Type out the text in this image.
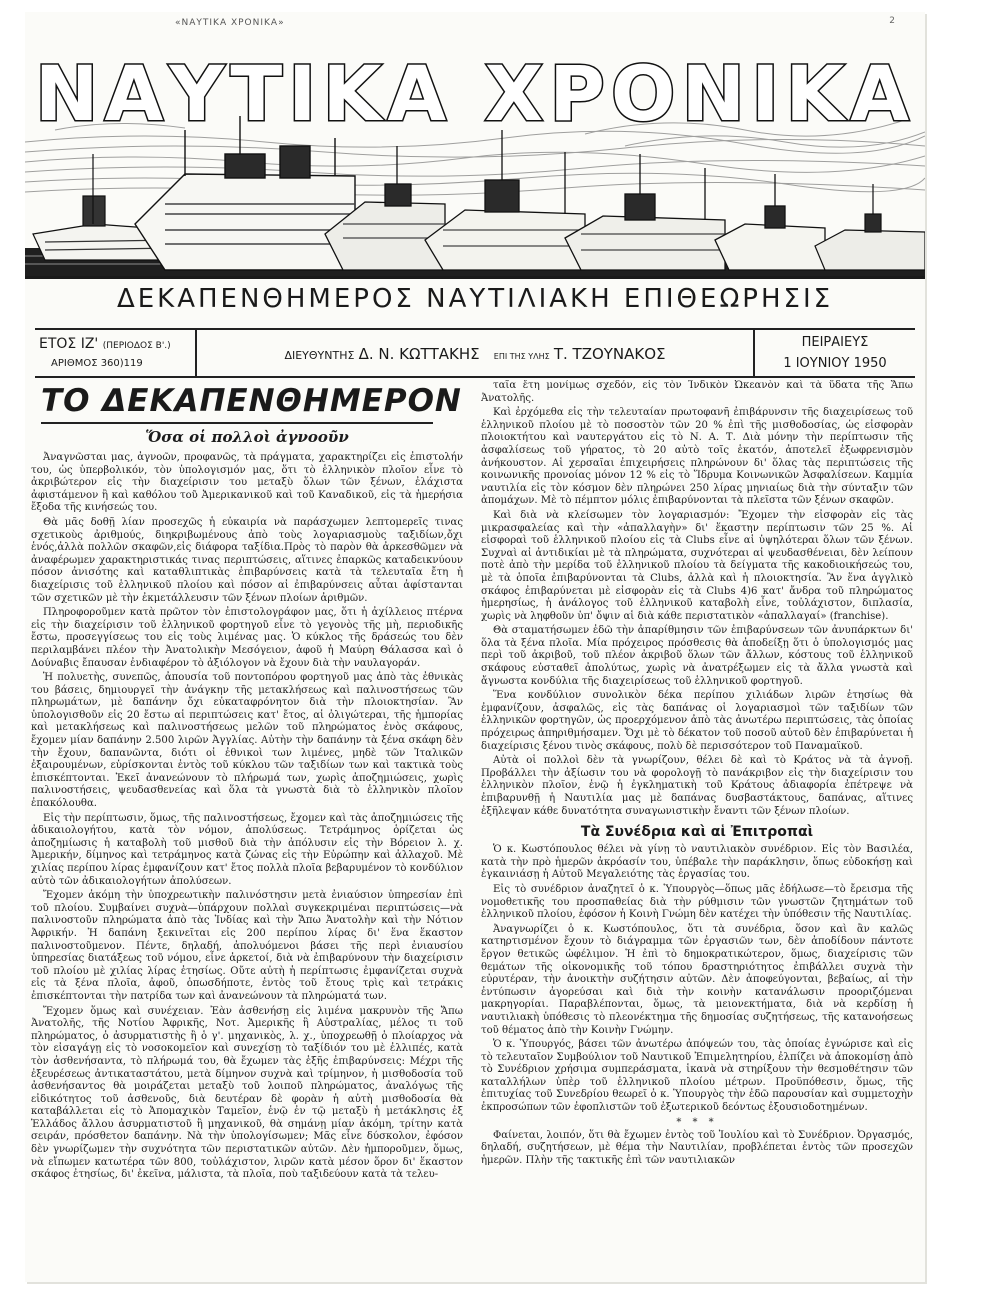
«ΝΑΥΤΙΚΑ ΧΡΟΝΙΚΑ»	2
ΝΑΥΤΙΚΑ ΧΡΟΝΙΚΑ
ΔΕΚΑΠΕΝΘΗΜΕΡΟΣ ΝΑΥΤΙΛΙΑΚΗ ΕΠΙΘΕΩΡΗΣΙΣ
ΕΤΟΣ ΙΖ' (ΠΕΡΙΟΔΟΣ Β'.)
ΑΡΙΘΜΟΣ 360)119
ΔΙΕΥΘΥΝΤΗΣ Δ. Ν. ΚΩΤΤΑΚΗΣ ΕΠΙ ΤΗΣ ΥΛΗΣ Τ. ΤΖΟΥΝΑΚΟΣ
ΠΕΙΡΑΙΕΥΣ
1 ΙΟΥΝΙΟΥ 1950
ΤΟ ΔΕΚΑΠΕΝΘΗΜΕΡΟΝ
Ὅσα οἱ πολλοὶ ἀγνοοῦν

Ἀναγνῶσται μας, ἀγνοῶν, προφανῶς, τὰ πράγματα, χαρακτηρίζει εἰς ἐπιστολήν του, ὡς ὑπερβολικόν, τὸν ὑπολογισμόν μας, ὅτι τὸ ἑλληνικὸν πλοῖον εἶνε τὸ ἀκριβώτερον εἰς τὴν διαχείρισιν του μεταξὺ ὅλων τῶν ξένων, ἐλάχιστα ἀφιστάμενον ἢ καὶ καθόλου τοῦ Ἀμερικανικοῦ καὶ τοῦ Καναδικοῦ, εἰς τὰ ἡμερήσια ἔξοδα τῆς κινήσεώς του.

Θὰ μᾶς δοθῇ λίαν προσεχῶς ἡ εὐκαιρία νὰ παράσχωμεν λεπτομερεῖς τινας σχετικοὺς ἀριθμούς, διηκριβωμένους ἀπὸ τοὺς λογαριασμοὺς ταξιδίων,ὄχι ἑνός,ἀλλὰ πολλῶν σκαφῶν,εἰς διάφορα ταξίδια.Πρὸς τὸ παρὸν θὰ ἀρκεσθῶμεν νὰ ἀναφέρωμεν χαρακτηριστικάς τινας περιπτώσεις, αἵτινες ἐπαρκῶς καταδεικνύουν πόσον ἀνισότης καὶ καταθλιπτικὰς ἐπιβαρύνσεις κατὰ τὰ τελευταῖα ἔτη ἡ διαχείρισις τοῦ ἑλληνικοῦ πλοίου καὶ πόσον αἱ ἐπιβαρύνσεις αὗται ἀφίστανται τῶν σχετικῶν μὲ τὴν ἐκμετάλλευσιν τῶν ξένων πλοίων ἀριθμῶν.

Πληροφοροῦμεν κατὰ πρῶτον τὸν ἐπιστολογράφον μας, ὅτι ἡ ἀχίλλειος πτέρνα εἰς τὴν διαχείρισιν τοῦ ἑλληνικοῦ φορτηγοῦ εἶνε τὸ γεγονὸς τῆς μὴ, περιοδικῆς ἔστω, προσεγγίσεως του εἰς τοὺς λιμένας μας. Ὁ κύκλος τῆς δράσεώς του δὲν περιλαμβάνει πλέον τὴν Ἀνατολικὴν Μεσόγειον, ἀφοῦ ἡ Μαύρη Θάλασσα καὶ ὁ Δούναβις ἔπαυσαν ἐνδιαφέρον τὸ ἀξιόλογον νὰ ἔχουν διὰ τὴν ναυλαγοράν.

Ἡ πολυετὴς, συνεπῶς, ἀπουσία τοῦ ποντοπόρου φορτηγοῦ μας ἀπὸ τὰς ἐθνικὰς του βάσεις, δημιουργεῖ τὴν ἀνάγκην τῆς μετακλήσεως καὶ παλινοστήσεως τῶν πληρωμάτων, μὲ δαπάνην ὄχι εὐκαταφρόνητον διὰ τὴν πλοιοκτησίαν. Ἂν ὑπολογισθοῦν εἰς 20 ἔστω αἱ περιπτώσεις κατ' ἔτος, αἱ ὀλιγώτεραι, τῆς ἡμπορίας καὶ μετακλήσεως καὶ παλινοστήσεως μελῶν τοῦ πληρώματος ἑνὸς σκάφους, ἔχομεν μίαν δαπάνην 2.500 λιρῶν Ἀγγλίας. Αὐτὴν τὴν δαπάνην τὰ ξένα σκάφη δὲν τὴν ἔχουν, δαπανῶντα, διότι οἱ ἐθνικοὶ των λιμένες, μηδὲ τῶν Ἰταλικῶν ἐξαιρουμένων, εὑρίσκονται ἐντὸς τοῦ κύκλου τῶν ταξιδίων των καὶ τακτικὰ τοὺς ἐπισκέπτονται. Ἐκεῖ ἀνανεώνουν τὸ πλήρωμά των, χωρὶς ἀποζημιώσεις, χωρὶς παλινοστήσεις, ψευδασθενείας καὶ ὅλα τὰ γνωστὰ διὰ τὸ ἑλληνικὸν πλοῖον ἐπακόλουθα.

Εἰς τὴν περίπτωσιν, ὅμως, τῆς παλινοστήσεως, ἔχομεν καὶ τὰς ἀποζημιώσεις τῆς ἀδικαιολογήτου, κατὰ τὸν νόμον, ἀπολύσεως. Τετράμηνος ὁρίζεται ὡς ἀποζημίωσις ἡ καταβολὴ τοῦ μισθοῦ διὰ τὴν ἀπόλυσιν εἰς τὴν Βόρειον λ. χ. Ἀμερικήν, δίμηνος καὶ τετράμηνος κατὰ ζώνας εἰς τὴν Εὐρώπην καὶ ἀλλαχοῦ. Μὲ χιλίας περίπου λίρας ἐμφανίζουν κατ' ἔτος πολλὰ πλοῖα βεβαρυμένον τὸ κονδύλιον αὐτὸ τῶν ἀδικαιολογήτων ἀπολύσεων.

Ἔχομεν ἀκόμη τὴν ὑποχρεωτικὴν παλινόστησιν μετὰ ἐνιαύσιον ὑπηρεσίαν ἐπὶ τοῦ πλοίου. Συμβαίνει συχνὰ—ὑπάρχουν πολλαὶ συγκεκριμέναι περιπτώσεις—νὰ παλινοστοῦν πληρώματα ἀπὸ τὰς Ἰνδίας καὶ τὴν Ἄπω Ἀνατολὴν καὶ τὴν Νότιον Ἀφρικήν. Ἡ δαπάνη ξεκινεῖται εἰς 200 περίπου λίρας δι' ἕνα ἕκαστον παλινοστοῦμενον. Πέντε, δηλαδή, ἀπολυόμενοι βάσει τῆς περὶ ἐνιαυσίου ὑπηρεσίας διατάξεως τοῦ νόμου, εἶνε ἀρκετοί, διὰ νὰ ἐπιβαρύνουν τὴν διαχείρισιν τοῦ πλοίου μὲ χιλίας λίρας ἐτησίως. Οὔτε αὐτὴ ἡ περίπτωσις ἐμφανίζεται συχνὰ εἰς τὰ ξένα πλοῖα, ἀφοῦ, ὁπωσδήποτε, ἐντὸς τοῦ ἔτους τρὶς καὶ τετράκις ἐπισκέπτονται τὴν πατρίδα των καὶ ἀνανεώνουν τὰ πληρώματά των.

Ἔχομεν ὅμως καὶ συνέχειαν. Ἐὰν ἀσθενήσῃ εἰς λιμένα μακρυνὸν τῆς Ἄπω Ἀνατολῆς, τῆς Νοτίου Ἀφρικῆς, Νοτ. Ἀμερικῆς ἢ Αὐστραλίας, μέλος τι τοῦ πληρώματος, ὁ ἀσυρματιστὴς ἢ ὁ γ'. μηχανικὸς, λ. χ., ὑποχρεωθῇ ὁ πλοίαρχος νὰ τὸν εἰσαγάγῃ εἰς τὸ νοσοκομεῖον καὶ συνεχίσῃ τὸ ταξίδιόν του μὲ ἐλλιπές, κατὰ τὸν ἀσθενήσαντα, τὸ πλήρωμά του, θὰ ἔχωμεν τὰς ἑξῆς ἐπιβαρύνσεις: Μέχρι τῆς ἐξευρέσεως ἀντικαταστάτου, μετὰ δίμηνον συχνὰ καὶ τρίμηνον, ἡ μισθοδοσία τοῦ ἀσθενήσαντος θὰ μοιράζεται μεταξὺ τοῦ λοιποῦ πληρώματος, ἀναλόγως τῆς εἰδικότητος τοῦ ἀσθενοῦς, διὰ δευτέραν δὲ φορὰν ἡ αὐτὴ μισθοδοσία θὰ καταβάλλεται εἰς τὸ Ἀπομαχικὸν Ταμεῖον, ἑνῷ ἐν τῷ μεταξὺ ἡ μετάκλησις ἐξ Ἑλλάδος ἄλλου ἀσυρματιστοῦ ἢ μηχανικοῦ, θὰ σημάνῃ μίαν ἀκόμη, τρίτην κατὰ σειράν, πρόσθετον δαπάνην. Νὰ τὴν ὑπολογίσωμεν; Μᾶς εἶνε δύσκολον, ἐφόσον δὲν γνωρίζωμεν τὴν συχνότητα τῶν περιστατικῶν αὐτῶν. Δὲν ἠμποροῦμεν, ὅμως, νὰ εἴπωμεν κατωτέρα τῶν 800, τοὐλάχιστον, λιρῶν κατὰ μέσον ὅρον δι' ἕκαστον σκάφος ἐτησίως, δι' ἐκεῖνα, μάλιστα, τὰ πλοῖα, ποὺ ταξιδεύουν κατὰ τὰ τελευ-

ταῖα ἔτη μονίμως σχεδόν, εἰς τὸν Ἰνδικὸν Ὠκεανὸν καὶ τὰ ὕδατα τῆς Ἄπω Ἀνατολῆς.

Καὶ ἐρχόμεθα εἰς τὴν τελευταίαν πρωτοφανῆ ἐπιβάρυνσιν τῆς διαχειρίσεως τοῦ ἑλληνικοῦ πλοίου μὲ τὸ ποσοστὸν τῶν 20 % ἐπὶ τῆς μισθοδοσίας, ὡς εἰσφορὰν πλοιοκτήτου καὶ ναυτεργάτου εἰς τὸ Ν. Α. Τ. Διὰ μόνην τὴν περίπτωσιν τῆς ἀσφαλίσεως τοῦ γήρατος, τὸ 20 αὐτὸ τοῖς ἑκατόν, ἀποτελεῖ ἐξωφρενισμὸν ἀνήκουστον. Αἱ χερσαῖαι ἐπιχειρήσεις πληρώνουν δι' ὅλας τὰς περιπτώσεις τῆς κοινωνικῆς προνοίας μόνον 12 % εἰς τὸ Ἵδρυμα Κοινωνικῶν Ἀσφαλίσεων. Καμμία ναυτιλία εἰς τὸν κόσμον δὲν πληρώνει 250 λίρας μηνιαίως διὰ τὴν σύνταξιν τῶν ἀπομάχων. Μὲ τὸ πέμπτον μόλις ἐπιβαρύνονται τὰ πλεῖστα τῶν ξένων σκαφῶν.

Καὶ διὰ νὰ κλείσωμεν τὸν λογαριασμόν: Ἔχομεν τὴν εἰσφορὰν εἰς τὰς μικρασφαλείας καὶ τὴν «ἀπαλλαγὴν» δι' ἕκαστην περίπτωσιν τῶν 25 %. Αἱ εἰσφοραὶ τοῦ ἑλληνικοῦ πλοίου εἰς τὰ Clubs εἶνε αἱ ὑψηλότεραι ὅλων τῶν ξένων. Συχναὶ αἱ ἀντιδικίαι μὲ τὰ πληρώματα, συχνότεραι αἱ ψευδασθένειαι, δὲν λείπουν ποτὲ ἀπὸ τὴν μερίδα τοῦ ἑλληνικοῦ πλοίου τὰ δείγματα τῆς κακοδιοικήσεώς του, μὲ τὰ ὁποῖα ἐπιβαρύνονται τὰ Clubs, ἀλλὰ καὶ ἡ πλοιοκτησία. Ἂν ἕνα ἀγγλικὸ σκάφος ἐπιβαρύνεται μὲ εἰσφορὰν εἰς τὰ Clubs 4)6 κατ' ἄνδρα τοῦ πληρώματος ἡμερησίως, ἡ ἀνάλογος τοῦ ἑλληνικοῦ καταβολὴ εἶνε, τοὐλάχιστον, διπλασία, χωρὶς νὰ ληφθοῦν ὑπ' ὄψιν αἱ διὰ κάθε περιστατικὸν «ἀπαλλαγαί» (franchise).

Θὰ σταματήσωμεν ἐδῶ τὴν ἀπαρίθμησιν τῶν ἐπιβαρύνσεων τῶν ἀνυπάρκτων δι' ὅλα τὰ ξένα πλοῖα. Μία πρόχειρος πρόσθεσις θὰ ἀποδείξῃ ὅτι ὁ ὑπολογισμός μας περὶ τοῦ ἀκριβοῦ, τοῦ πλέον ἀκριβοῦ ὅλων τῶν ἄλλων, κόστους τοῦ ἑλληνικοῦ σκάφους εὐσταθεῖ ἀπολύτως, χωρὶς νὰ ἀνατρέξωμεν εἰς τὰ ἄλλα γνωστὰ καὶ ἄγνωστα κονδύλια τῆς διαχειρίσεως τοῦ ἑλληνικοῦ φορτηγοῦ.

Ἕνα κονδύλιον συνολικὸν δέκα περίπου χιλιάδων λιρῶν ἐτησίως θὰ ἐμφανίζουν, ἀσφαλῶς, εἰς τὰς δαπάνας οἱ λογαριασμοὶ τῶν ταξιδίων τῶν ἑλληνικῶν φορτηγῶν, ὡς προερχόμενον ἀπὸ τὰς ἀνωτέρω περιπτώσεις, τὰς ὁποίας πρόχειρως ἀπηριθμήσαμεν. Ὄχι μὲ τὸ δέκατον τοῦ ποσοῦ αὐτοῦ δὲν ἐπιβαρύνεται ἡ διαχείρισις ξένου τινὸς σκάφους, πολὺ δὲ περισσότερον τοῦ Παναμαϊκοῦ.

Αὐτὰ οἱ πολλοὶ δὲν τὰ γνωρίζουν, θέλει δὲ καὶ τὸ Κράτος νὰ τὰ ἀγνοῇ. Προβάλλει τὴν ἀξίωσιν του νὰ φορολογῇ τὸ πανάκριβον εἰς τὴν διαχείρισιν του ἑλληνικὸν πλοῖον, ἑνῷ ἡ ἐγκληματικὴ τοῦ Κράτους ἀδιαφορία ἐπέτρεψε νὰ ἐπιβαρυνθῇ ἡ Ναυτιλία μας μὲ δαπάνας δυσβαστάκτους, δαπάνας, αἵτινες ἐξῆλεψαν κάθε δυνατότητα συναγωνιστικὴν ἔναντι τῶν ξένων πλοίων.

Τὰ Συνέδρια καὶ αἱ Ἐπιτροπαὶ

Ὁ κ. Κωστόπουλος θέλει νὰ γίνῃ τὸ ναυτιλιακὸν συνέδριον. Εἰς τὸν Βασιλέα, κατὰ τὴν πρὸ ἡμερῶν ἀκρόασίν του, ὑπέβαλε τὴν παράκλησιν, ὅπως εὐδοκήσῃ καὶ ἐγκαινιάσῃ ἡ Αὐτοῦ Μεγαλειότης τὰς ἐργασίας του.

Εἰς τὸ συνέδριον ἀναζητεῖ ὁ κ. Ὑπουργὸς—ὅπως μᾶς ἐδήλωσε—τὸ ἔρεισμα τῆς νομοθετικῆς του προσπαθείας διὰ τὴν ρύθμισιν τῶν γνωστῶν ζητημάτων τοῦ ἑλληνικοῦ πλοίου, ἐφόσον ἡ Κοινὴ Γνώμη δὲν κατέχει τὴν ὑπόθεσιν τῆς Ναυτιλίας.

Ἀναγνωρίζει ὁ κ. Κωστόπουλος, ὅτι τὰ συνέδρια, ὅσον καὶ ἂν καλῶς κατηρτισμένον ἔχουν τὸ διάγραμμα τῶν ἐργασιῶν των, δὲν ἀποδίδουν πάντοτε ἔργον θετικῶς ὠφέλιμον. Ἡ ἐπὶ τὸ δημοκρατικώτερον, ὅμως, διαχείρισις τῶν θεμάτων τῆς οἰκονομικῆς τοῦ τόπου δραστηριότητος ἐπιβάλλει συχνὰ τὴν εὐρυτέραν, τὴν ἀνοικτὴν συζήτησιν αὐτῶν. Δὲν ἀποφεύγονται, βεβαίως, αἱ τὴν ἐντύπωσιν ἀγορεύσαι καὶ διὰ τὴν κοινὴν κατανάλωσιν προοριζόμεναι μακρηγορίαι. Παραβλέπονται, ὅμως, τὰ μειονεκτήματα, διὰ νὰ κερδίσῃ ἡ ναυτιλιακὴ ὑπόθεσις τὸ πλεονέκτημα τῆς δημοσίας συζητήσεως, τῆς κατανοήσεως τοῦ θέματος ἀπὸ τὴν Κοινὴν Γνώμην.

Ὁ κ. Ὑπουργός, βάσει τῶν ἀνωτέρω ἀπόψεών του, τὰς ὁποίας ἐγνώρισε καὶ εἰς τὸ τελευταῖον Συμβούλιον τοῦ Ναυτικοῦ Ἐπιμελητηρίου, ἐλπίζει νὰ ἀποκομίσῃ ἀπὸ τὸ Συνέδριον χρήσιμα συμπεράσματα, ἱκανὰ νὰ στηρίξουν τὴν θεσμοθέτησιν τῶν καταλλήλων ὑπὲρ τοῦ ἑλληνικοῦ πλοίου μέτρων. Προϋπόθεσιν, ὅμως, τῆς ἐπιτυχίας τοῦ Συνεδρίου θεωρεῖ ὁ κ. Ὑπουργὸς τὴν ἐδῶ παρουσίαν καὶ συμμετοχὴν ἐκπροσώπων τῶν ἐφοπλιστῶν τοῦ ἐξωτερικοῦ δεόντως ἐξουσιοδοτημένων.

* * *

Φαίνεται, λοιπόν, ὅτι θὰ ἔχωμεν ἐντὸς τοῦ Ἰουλίου καὶ τὸ Συνέδριον. Ὀργασμός, δηλαδή, συζητήσεων, μὲ θέμα τὴν Ναυτιλίαν, προβλέπεται ἐντὸς τῶν προσεχῶν ἡμερῶν. Πλὴν τῆς τακτικῆς ἐπὶ τῶν ναυτιλιακῶν
